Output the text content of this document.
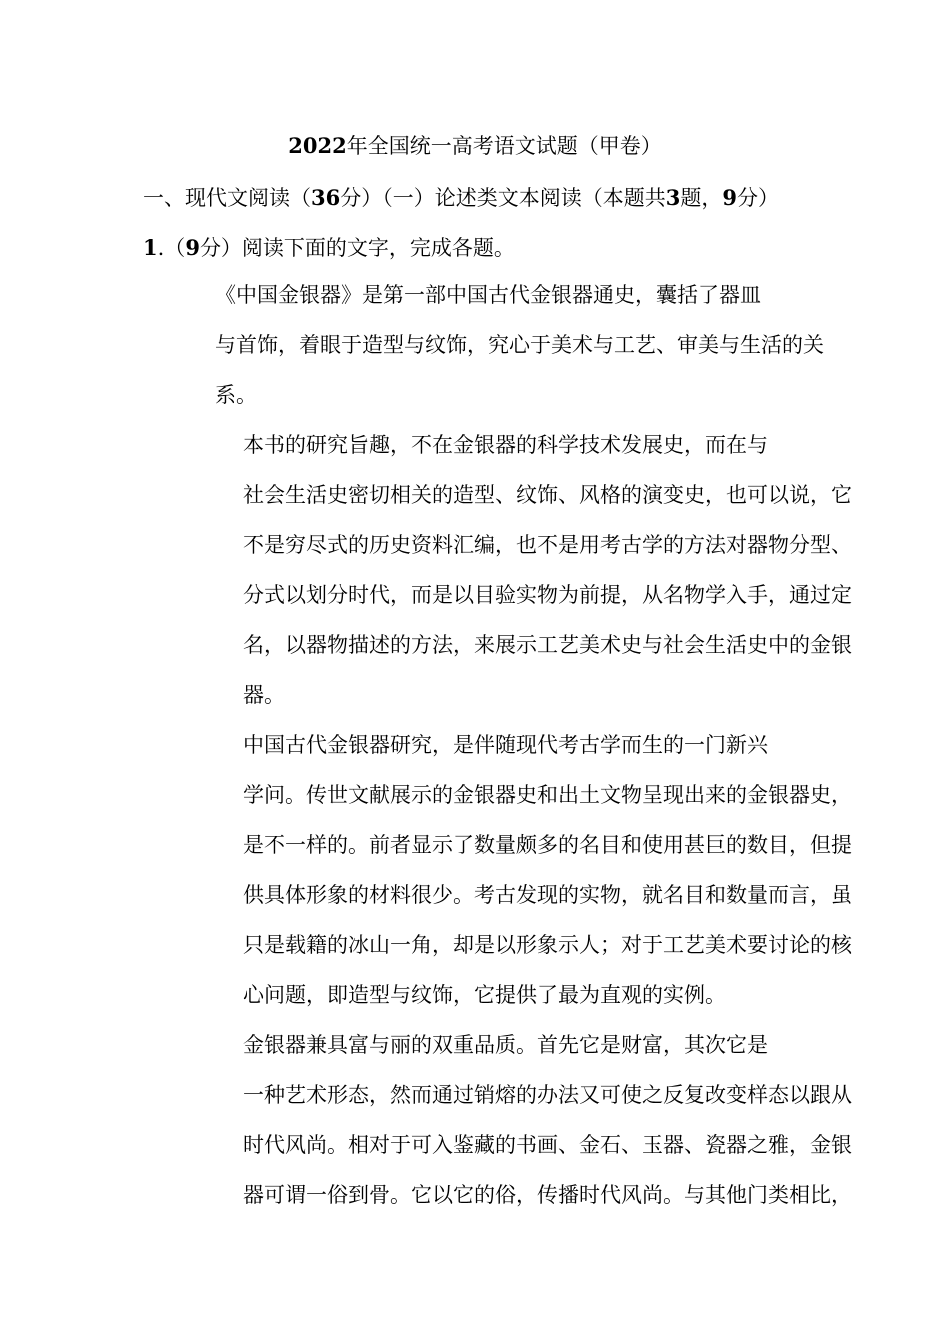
2022年全国统一高考语文试题（甲卷）
一、现代文阅读（36分）（一）论述类文本阅读（本题共3题，9分）
1.（9分）阅读下面的文字，完成各题。
《中国金银器》是第一部中国古代金银器通史，囊括了器皿
与首饰，着眼于造型与纹饰，究心于美术与工艺、审美与生活的关
系。
本书的研究旨趣，不在金银器的科学技术发展史，而在与
社会生活史密切相关的造型、纹饰、风格的演变史，也可以说，它
不是穷尽式的历史资料汇编，也不是用考古学的方法对器物分型、
分式以划分时代，而是以目验实物为前提，从名物学入手，通过定
名，以器物描述的方法，来展示工艺美术史与社会生活史中的金银
器。
中国古代金银器研究，是伴随现代考古学而生的一门新兴
学问。传世文献展示的金银器史和出土文物呈现出来的金银器史，
是不一样的。前者显示了数量颇多的名目和使用甚巨的数目，但提
供具体形象的材料很少。考古发现的实物，就名目和数量而言，虽
只是载籍的冰山一角，却是以形象示人；对于工艺美术要讨论的核
心问题，即造型与纹饰，它提供了最为直观的实例。
金银器兼具富与丽的双重品质。首先它是财富，其次它是
一种艺术形态，然而通过销熔的办法又可使之反复改变样态以跟从
时代风尚。相对于可入鉴藏的书画、金石、玉器、瓷器之雅，金银
器可谓一俗到骨。它以它的俗，传播时代风尚。与其他门类相比，
